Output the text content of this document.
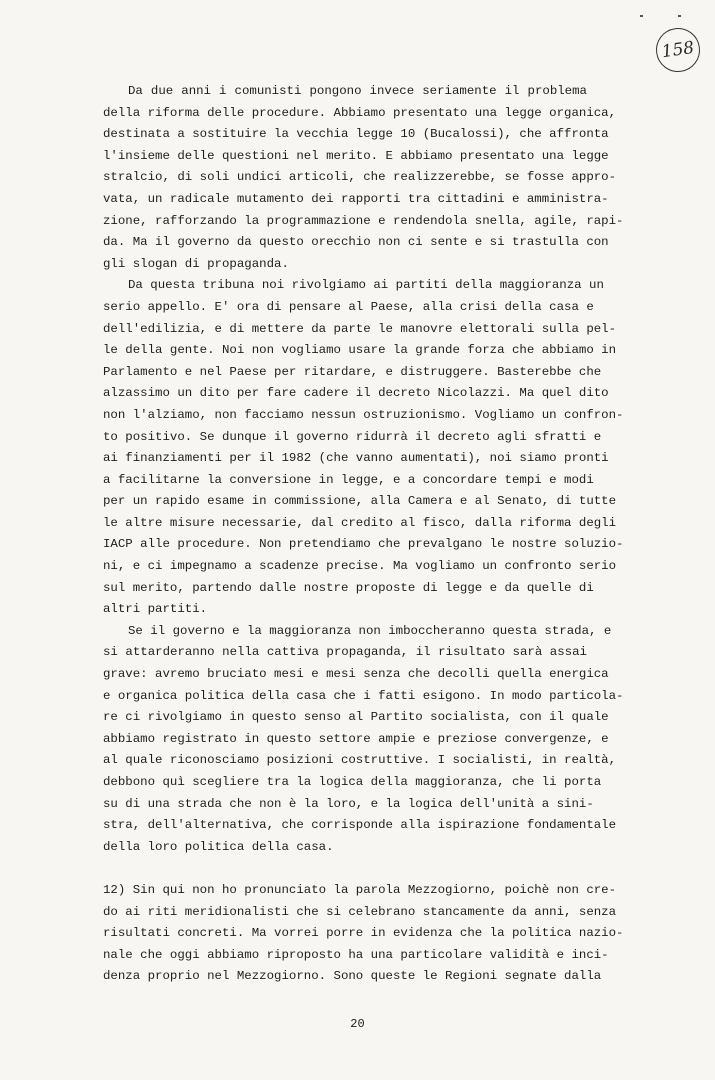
158
Da due anni i comunisti pongono invece seriamente il problema
della riforma delle procedure. Abbiamo presentato una legge organica,
destinata a sostituire la vecchia legge 10 (Bucalossi), che affronta
l'insieme delle questioni nel merito. E abbiamo presentato una legge
stralcio, di soli undici articoli, che realizzerebbe, se fosse appro-
vata, un radicale mutamento dei rapporti tra cittadini e amministra-
zione, rafforzando la programmazione e rendendola snella, agile, rapi-
da. Ma il governo da questo orecchio non ci sente e si trastulla con
gli slogan di propaganda.
Da questa tribuna noi rivolgiamo ai partiti della maggioranza un
serio appello. E' ora di pensare al Paese, alla crisi della casa e
dell'edilizia, e di mettere da parte le manovre elettorali sulla pel-
le della gente. Noi non vogliamo usare la grande forza che abbiamo in
Parlamento e nel Paese per ritardare, e distruggere. Basterebbe che
alzassimo un dito per fare cadere il decreto Nicolazzi. Ma quel dito
non l'alziamo, non facciamo nessun ostruzionismo. Vogliamo un confron-
to positivo. Se dunque il governo ridurrà il decreto agli sfratti e
ai finanziamenti per il 1982 (che vanno aumentati), noi siamo pronti
a facilitarne la conversione in legge, e a concordare tempi e modi
per un rapido esame in commissione, alla Camera e al Senato, di tutte
le altre misure necessarie, dal credito al fisco, dalla riforma degli
IACP alle procedure. Non pretendiamo che prevalgano le nostre soluzio-
ni, e ci impegnamo a scadenze precise. Ma vogliamo un confronto serio
sul merito, partendo dalle nostre proposte di legge e da quelle di
altri partiti.
Se il governo e la maggioranza non imboccheranno questa strada, e
si attarderanno nella cattiva propaganda, il risultato sarà assai
grave: avremo bruciato mesi e mesi senza che decolli quella energica
e organica politica della casa che i fatti esigono. In modo particola-
re ci rivolgiamo in questo senso al Partito socialista, con il quale
abbiamo registrato in questo settore ampie e preziose convergenze, e
al quale riconosciamo posizioni costruttive. I socialisti, in realtà,
debbono quì scegliere tra la logica della maggioranza, che li porta
su di una strada che non è la loro, e la logica dell'unità a sini-
stra, dell'alternativa, che corrisponde alla ispirazione fondamentale
della loro politica della casa.
12) Sin qui non ho pronunciato la parola Mezzogiorno, poichè non cre-
do ai riti meridionalisti che si celebrano stancamente da anni, senza
risultati concreti. Ma vorrei porre in evidenza che la politica nazio-
nale che oggi abbiamo riproposto ha una particolare validità e inci-
denza proprio nel Mezzogiorno. Sono queste le Regioni segnate dalla
20
